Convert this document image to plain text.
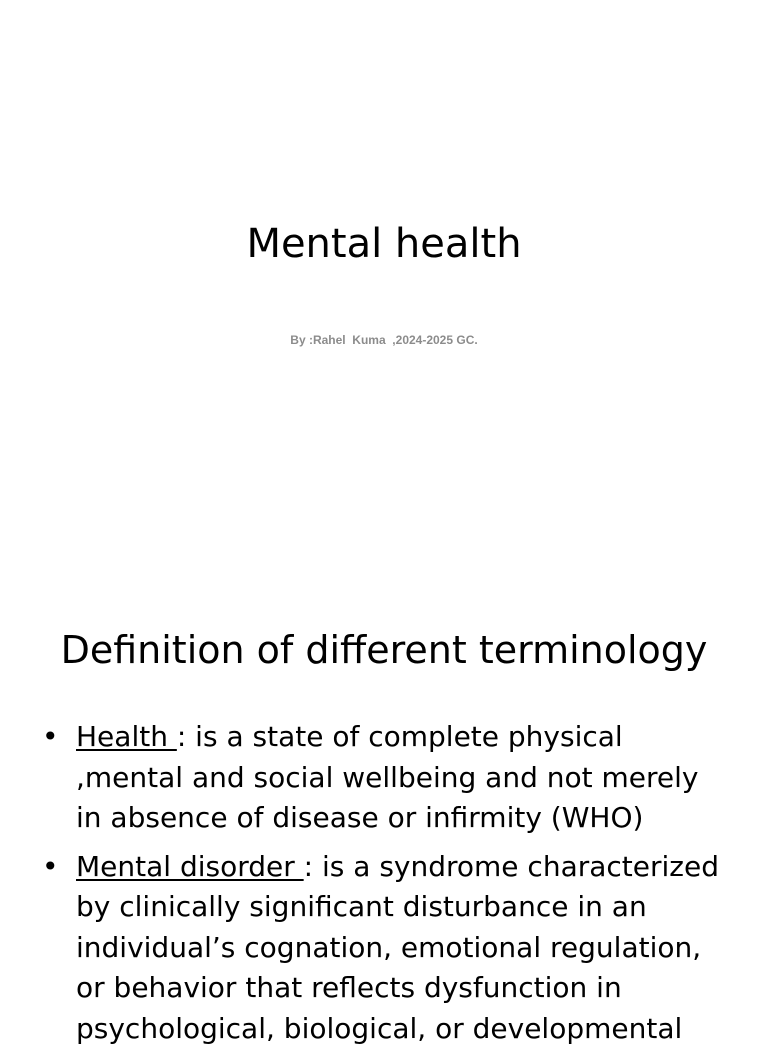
Mental health
By :Rahel  Kuma  ,2024-2025 GC.
Definition of different terminology
• Health : is a state of complete physical ,mental and social wellbeing and not merely in absence of disease or infirmity (WHO)
• Mental disorder : is a syndrome characterized by clinically significant disturbance in an individual’s cognation, emotional regulation, or behavior that reflects dysfunction in psychological, biological, or developmental
